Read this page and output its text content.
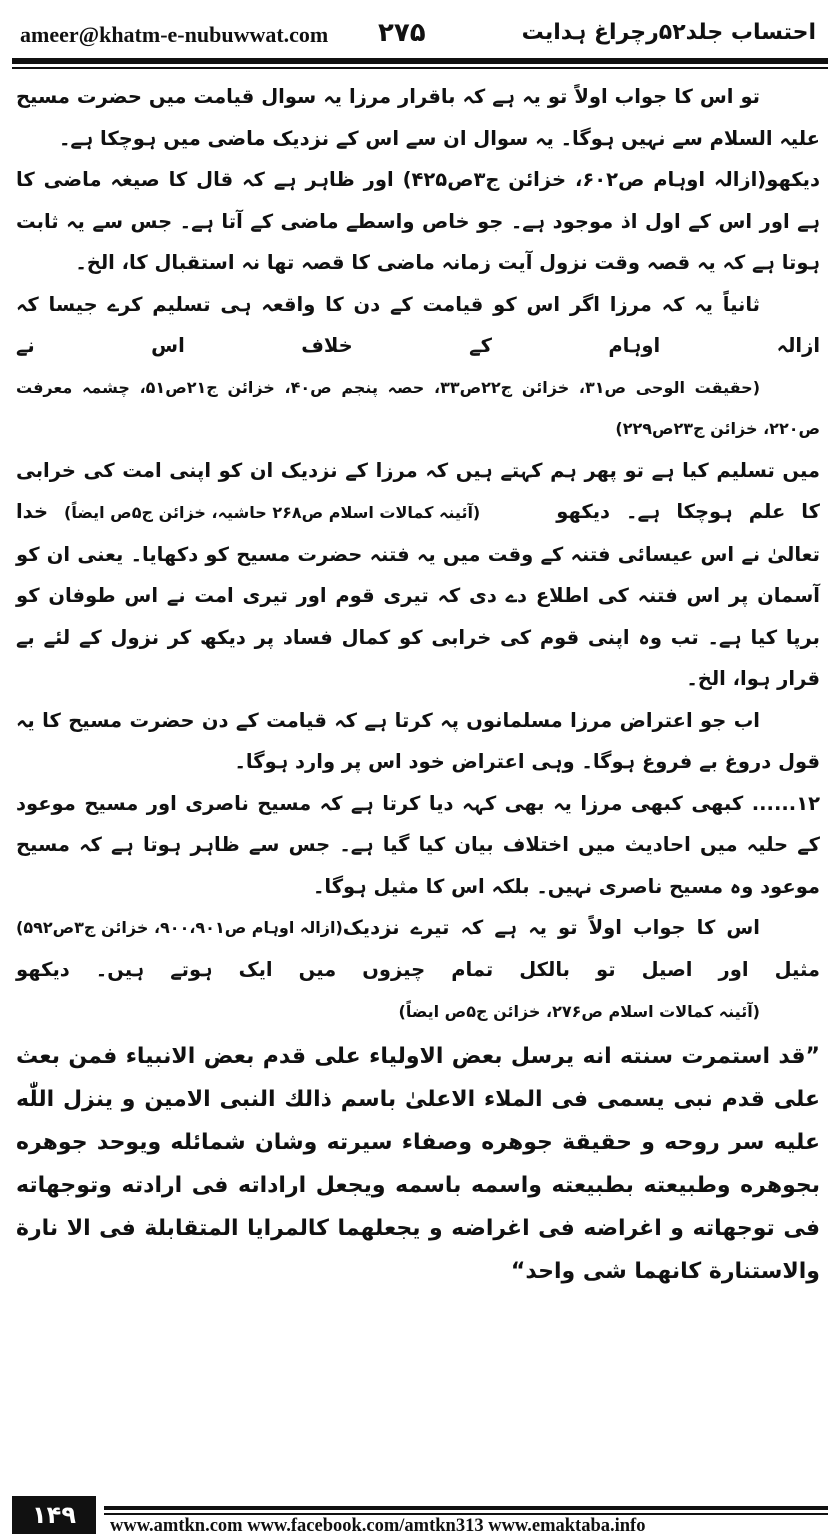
ameer@khatm-e-nubuwwat.com ۲۷۵	احتساب جلد۵۲رچراغ ہدایت

تو اس کا جواب اولاً تو یہ ہے کہ باقرار مرزا یہ سوال قیامت میں حضرت مسیح علیہ السلام سے نہیں ہوگا۔ یہ سوال ان سے اس کے نزدیک ماضی میں ہوچکا ہے۔

دیکھو(ازالہ اوہام ص۶۰۲، خزائن ج۳ص۴۲۵) اور ظاہر ہے کہ قال کا صیغہ ماضی کا ہے اور اس کے اول اذ موجود ہے۔ جو خاص واسطے ماضی کے آتا ہے۔ جس سے یہ ثابت ہوتا ہے کہ یہ قصہ وقت نزول آیت زمانہ ماضی کا قصہ تھا نہ استقبال کا، الخ۔

ثانیاً یہ کہ مرزا اگر اس کو قیامت کے دن کا واقعہ ہی تسلیم کرے جیسا کہ ازالہ اوہام کے خلاف اس نے (حقیقت الوحی ص۳۱، خزائن ج۲۲ص۳۳، حصہ پنجم ص۴۰، خزائن ج۲۱ص۵۱، چشمہ معرفت ص۲۲۰، خزائن ج۲۳ص۲۲۹) میں تسلیم کیا ہے تو پھر ہم کہتے ہیں کہ مرزا کے نزدیک ان کو اپنی امت کی خرابی کا علم ہوچکا ہے۔ دیکھو (آئینہ کمالات اسلام ص۲۶۸ حاشیہ، خزائن ج۵ص ایضاً) خدا تعالیٰ نے اس عیسائی فتنہ کے وقت میں یہ فتنہ حضرت مسیح کو دکھایا۔ یعنی ان کو آسمان پر اس فتنہ کی اطلاع دے دی کہ تیری قوم اور تیری امت نے اس طوفان کو برپا کیا ہے۔ تب وہ اپنی قوم کی خرابی کو کمال فساد پر دیکھ کر نزول کے لئے بے قرار ہوا، الخ۔

اب جو اعتراض مرزا مسلمانوں پہ کرتا ہے کہ قیامت کے دن حضرت مسیح کا یہ قول دروغ بے فروغ ہوگا۔ وہی اعتراض خود اس پر وارد ہوگا۔

۱۲...... کبھی کبھی مرزا یہ بھی کہہ دیا کرتا ہے کہ مسیح ناصری اور مسیح موعود کے حلیہ میں احادیث میں اختلاف بیان کیا گیا ہے۔ جس سے ظاہر ہوتا ہے کہ مسیح موعود وہ مسیح ناصری نہیں۔ بلکہ اس کا مثیل ہوگا۔
(ازالہ اوہام ص۹۰۰،۹۰۱، خزائن ج۳ص۵۹۲) اس کا جواب اولاً تو یہ ہے کہ تیرے نزدیک مثیل اور اصیل تو بالکل تمام چیزوں میں ایک ہوتے ہیں۔ دیکھو (آئینہ کمالات اسلام ص۲۷۶، خزائن ج۵ص ایضاً)

”قد استمرت سنته انه یرسل بعض الاولیاء علی قدم بعض الانبیاء فمن بعث علی قدم نبی یسمی فی الملاء الاعلیٰ باسم ذالك النبی الامین و ینزل اللّٰه علیه سر روحه و حقیقة جوهره وصفاء سیرته وشان شمائله ویوحد جوهره بجوهره وطبیعته بطبیعته واسمه باسمه ویجعل اراداته فی ارادته وتوجهاته فی توجهاته و اغراضه فی اغراضه و یجعلهما کالمرایا المتقابلة فی الا نارة والاستنارة کانهما شی واحد“

۱۴۹	www.amtkn.com www.facebook.com/amtkn313 www.emaktaba.info
